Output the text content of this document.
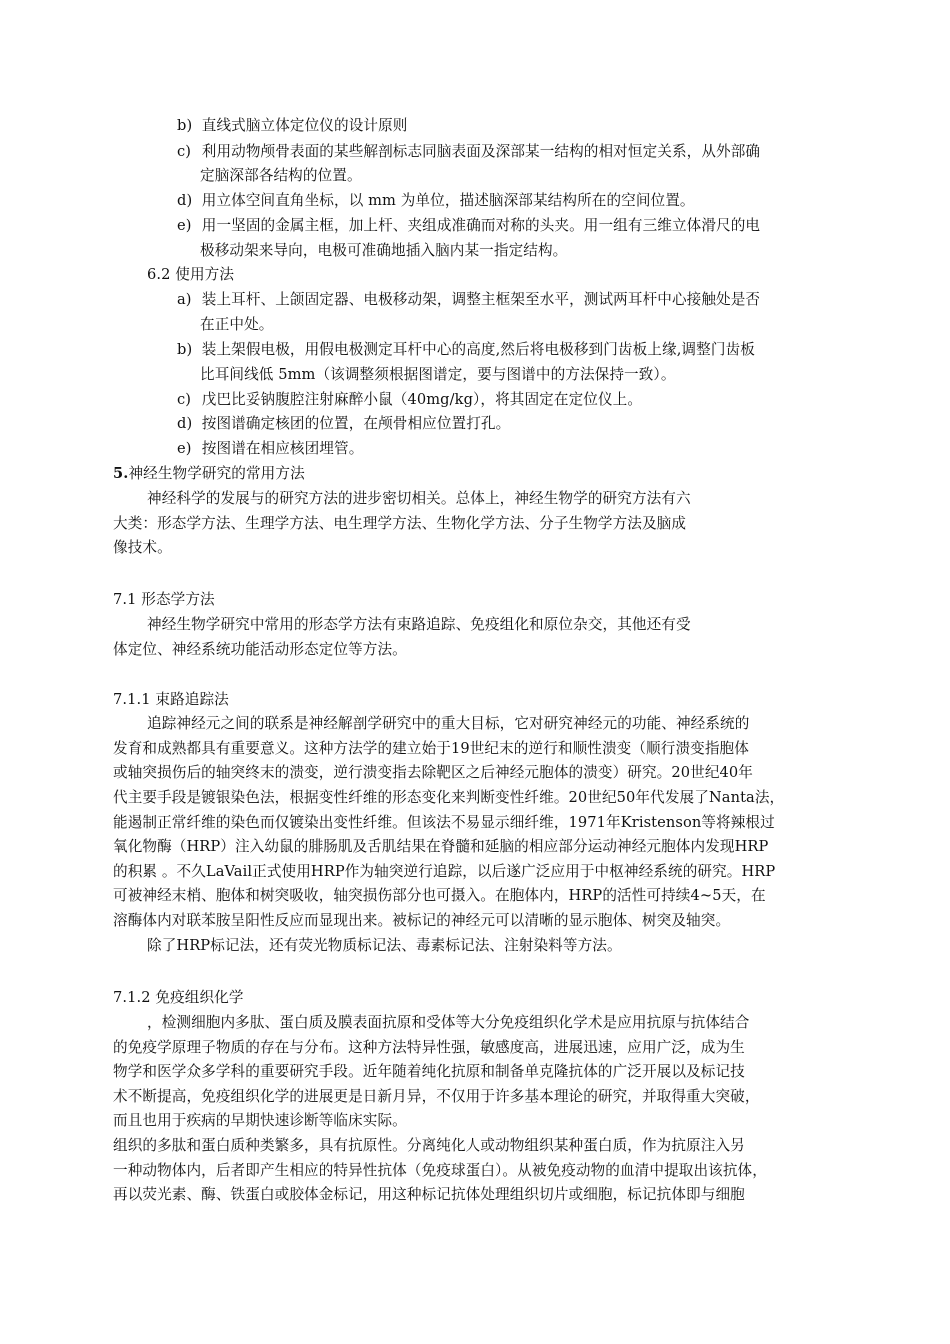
b) 直线式脑立体定位仪的设计原则
c) 利用动物颅骨表面的某些解剖标志同脑表面及深部某一结构的相对恒定关系，从外部确
定脑深部各结构的位置。
d) 用立体空间直角坐标，以 mm 为单位，描述脑深部某结构所在的空间位置。
e) 用一坚固的金属主框，加上杆、夹组成准确而对称的头夹。用一组有三维立体滑尺的电
极移动架来导向，电极可准确地插入脑内某一指定结构。
6.2 使用方法
a) 装上耳杆、上颌固定器、电极移动架，调整主框架至水平，测试两耳杆中心接触处是否
在正中处。
b) 装上架假电极，用假电极测定耳杆中心的高度,然后将电极移到门齿板上缘,调整门齿板
比耳间线低 5mm（该调整须根据图谱定，要与图谱中的方法保持一致）。
c) 戊巴比妥钠腹腔注射麻醉小鼠（40mg/kg），将其固定在定位仪上。
d) 按图谱确定核团的位置，在颅骨相应位置打孔。
e) 按图谱在相应核团埋管。
5.神经生物学研究的常用方法
神经科学的发展与的研究方法的进步密切相关。总体上，神经生物学的研究方法有六
大类：形态学方法、生理学方法、电生理学方法、生物化学方法、分子生物学方法及脑成
像技术。
7.1 形态学方法
神经生物学研究中常用的形态学方法有束路追踪、免疫组化和原位杂交，其他还有受
体定位、神经系统功能活动形态定位等方法。
7.1.1 束路追踪法
追踪神经元之间的联系是神经解剖学研究中的重大目标，它对研究神经元的功能、神经系统的
发育和成熟都具有重要意义。这种方法学的建立始于19世纪末的逆行和顺性溃变（顺行溃变指胞体
或轴突损伤后的轴突终末的溃变，逆行溃变指去除靶区之后神经元胞体的溃变）研究。20世纪40年
代主要手段是镀银染色法，根据变性纤维的形态变化来判断变性纤维。20世纪50年代发展了Nanta法，
能遏制正常纤维的染色而仅镀染出变性纤维。但该法不易显示细纤维，1971年Kristenson等将辣根过
氧化物酶（HRP）注入幼鼠的腓肠肌及舌肌结果在脊髓和延脑的相应部分运动神经元胞体内发现HRP
的积累 。不久LaVail正式使用HRP作为轴突逆行追踪，以后遂广泛应用于中枢神经系统的研究。HRP
可被神经末梢、胞体和树突吸收，轴突损伤部分也可摄入。在胞体内，HRP的活性可持续4~5天，在
溶酶体内对联苯胺呈阳性反应而显现出来。被标记的神经元可以清晰的显示胞体、树突及轴突。
除了HRP标记法，还有荧光物质标记法、毒素标记法、注射染料等方法。
7.1.2 免疫组织化学
，检测细胞内多肽、蛋白质及膜表面抗原和受体等大分免疫组织化学术是应用抗原与抗体结合
的免疫学原理子物质的存在与分布。这种方法特异性强，敏感度高，进展迅速，应用广泛，成为生
物学和医学众多学科的重要研究手段。近年随着纯化抗原和制备单克隆抗体的广泛开展以及标记技
术不断提高，免疫组织化学的进展更是日新月异，不仅用于许多基本理论的研究，并取得重大突破，
而且也用于疾病的早期快速诊断等临床实际。
组织的多肽和蛋白质种类繁多，具有抗原性。分离纯化人或动物组织某种蛋白质，作为抗原注入另
一种动物体内，后者即产生相应的特异性抗体（免疫球蛋白）。从被免疫动物的血清中提取出该抗体，
再以荧光素、酶、铁蛋白或胶体金标记，用这种标记抗体处理组织切片或细胞，标记抗体即与细胞
